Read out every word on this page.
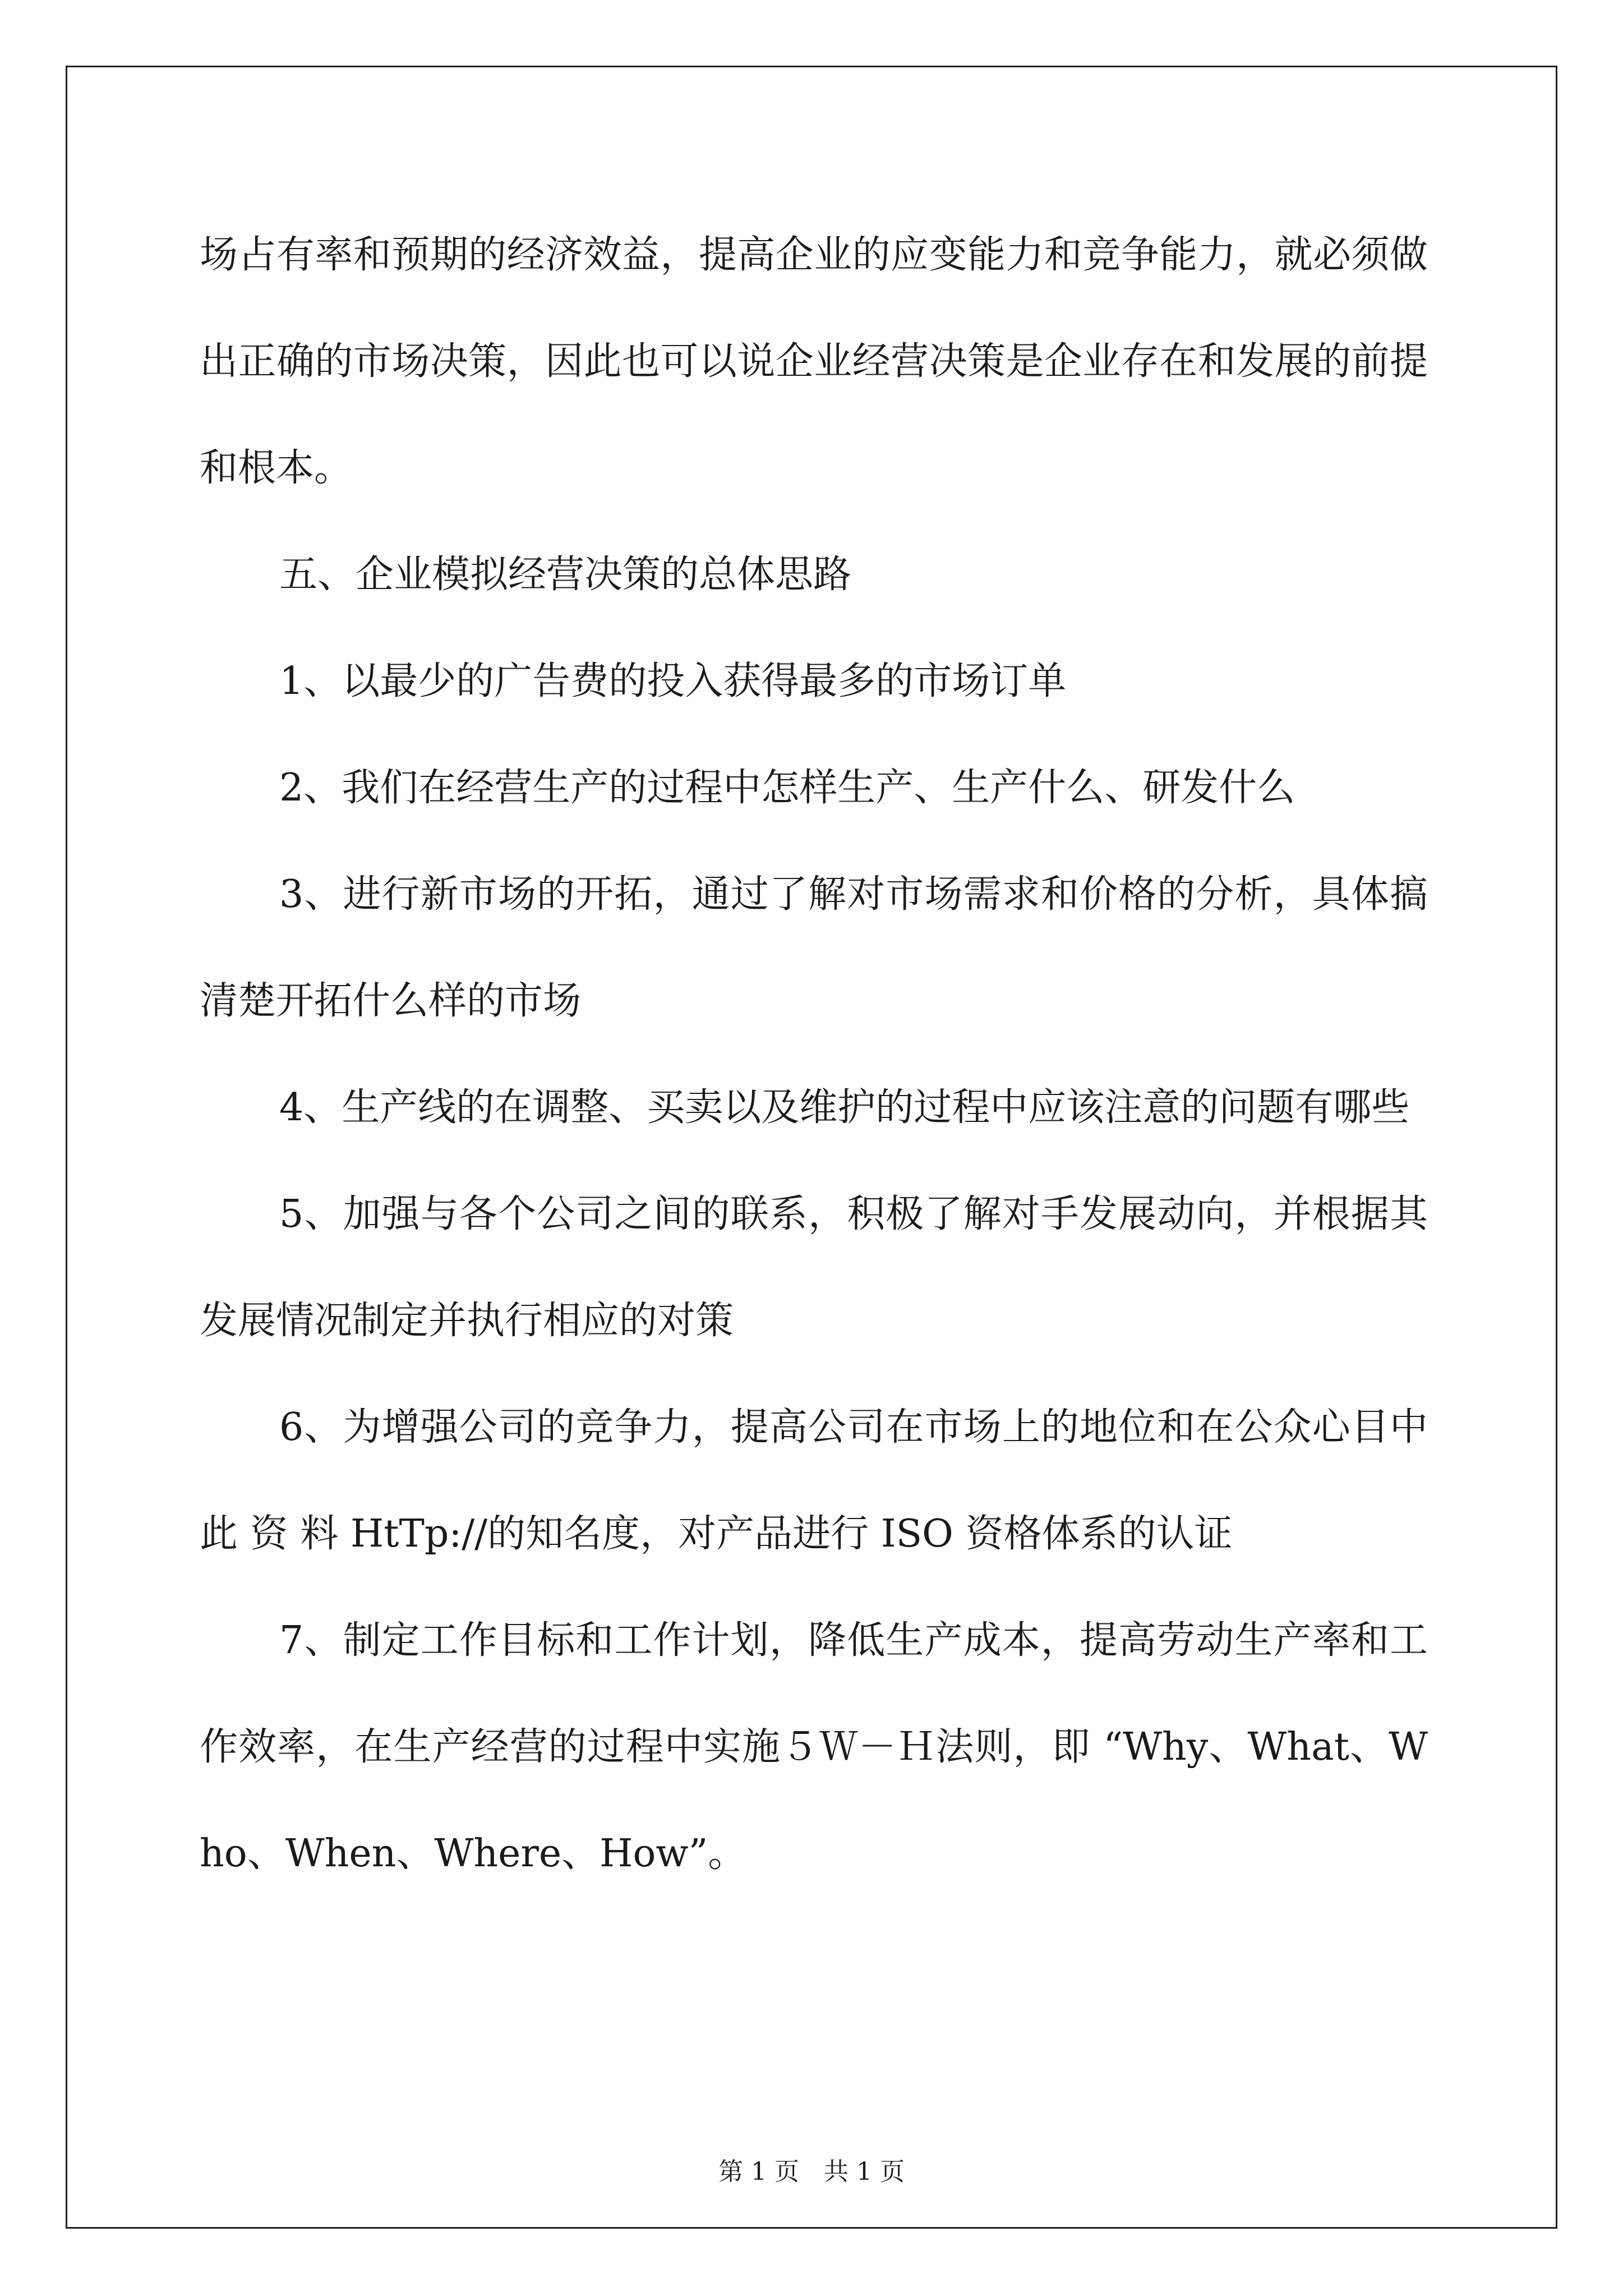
场占有率和预期的经济效益，提高企业的应变能力和竞争能力，就必须做出正确的市场决策，因此也可以说企业经营决策是企业存在和发展的前提和根本。

五、企业模拟经营决策的总体思路

1、以最少的广告费的投入获得最多的市场订单

2、我们在经营生产的过程中怎样生产、生产什么、研发什么

3、进行新市场的开拓，通过了解对市场需求和价格的分析，具体搞清楚开拓什么样的市场

4、生产线的在调整、买卖以及维护的过程中应该注意的问题有哪些

5、加强与各个公司之间的联系，积极了解对手发展动向，并根据其发展情况制定并执行相应的对策

6、为增强公司的竞争力，提高公司在市场上的地位和在公众心目中此 资 料 HtTp://的知名度，对产品进行 ISO 资格体系的认证

7、制定工作目标和工作计划，降低生产成本，提高劳动生产率和工作效率，在生产经营的过程中实施５Ｗ－Ｈ法则，即 “Why、What、Who、When、Where、How”。

第 1 页　共 1 页
